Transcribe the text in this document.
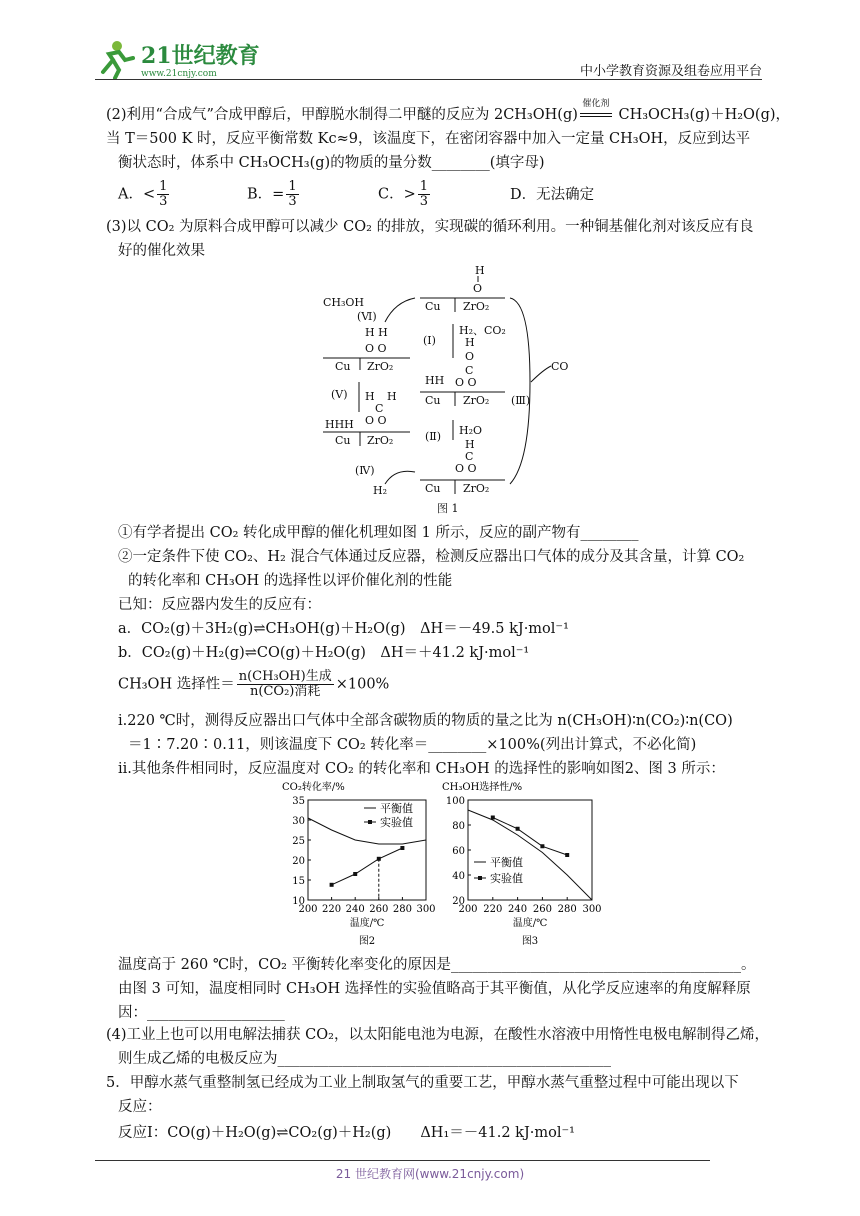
21世纪教育
www.21cnjy.com	中小学教育资源及组卷应用平台
(2)利用“合成气”合成甲醇后，甲醇脱水制得二甲醚的反应为 2CH₃OH(g)
催化剂
CH₃OCH₃(g)＋H₂O(g)，
当 T＝500 K 时，反应平衡常数 Kc≈9，该温度下，在密闭容器中加入一定量 CH₃OH，反应到达平
衡状态时，体系中 CH₃OCH₃(g)的物质的量分数________(填字母)
A．< $\frac{1}{3}$	B．= $\frac{1}{3}$	C．> $\frac{1}{3}$	D．无法确定
(3)以 CO₂ 为原料合成甲醇可以减少 CO₂ 的排放，实现碳的循环利用。一种铜基催化剂对该反应有良
好的催化效果
H
O
Cu ZrO₂
CH₃OH
(Ⅵ)
H H
O O
Cu ZrO₂
(Ⅰ)
H₂、CO₂
H
O
C
O O
HH
Cu ZrO₂ (Ⅲ)
CO
(Ⅴ) H H
C
O O
HHH
Cu ZrO₂	(Ⅱ) H₂O
H
C
O O
Cu ZrO₂
(Ⅳ)
H₂
图 1
①有学者提出 CO₂ 转化成甲醇的催化机理如图 1 所示，反应的副产物有________
②一定条件下使 CO₂、H₂ 混合气体通过反应器，检测反应器出口气体的成分及其含量，计算 CO₂
的转化率和 CH₃OH 的选择性以评价催化剂的性能
已知：反应器内发生的反应有：
a．CO₂(g)＋3H₂(g)⇌CH₃OH(g)＋H₂O(g)　ΔH＝－49.5 kJ·mol⁻¹
b．CO₂(g)＋H₂(g)⇌CO(g)＋H₂O(g)　ΔH＝＋41.2 kJ·mol⁻¹
CH₃OH 选择性＝ $\frac{\text{n(CH₃OH)生成}}{\text{n(CO₂)消耗}} \times 100\%$
ⅰ.220 ℃时，测得反应器出口气体中全部含碳物质的物质的量之比为 n(CH₃OH)∶n(CO₂)∶n(CO)
＝1∶7.20∶0.11，则该温度下 CO₂ 转化率＝________×100%(列出计算式，不必化简)
ⅱ.其他条件相同时，反应温度对 CO₂ 的转化率和 CH₃OH 的选择性的影响如图2、图 3 所示：
CO₂转化率/%
200 220 240 260 280 300
10
15
20
25
30
35
温度/℃
图2
平衡值
实验值
CH₃OH选择性/%
200 220 240 260 280 300
20
40
60
80
100
温度/℃
图3
平衡值
实验值
温度高于 260 ℃时，CO₂ 平衡转化率变化的原因是________________________________________。
由图 3 可知，温度相同时 CH₃OH 选择性的实验值略高于其平衡值，从化学反应速率的角度解释原
因：___________________
(4)工业上也可以用电解法捕获 CO₂，以太阳能电池为电源，在酸性水溶液中用惰性电极电解制得乙烯，
则生成乙烯的电极反应为______________________________________________
5．甲醇水蒸气重整制氢已经成为工业上制取氢气的重要工艺，甲醇水蒸气重整过程中可能出现以下
反应：
反应Ⅰ：CO(g)＋H₂O(g)⇌CO₂(g)＋H₂(g)　　ΔH₁＝－41.2 kJ·mol⁻¹
21 世纪教育网(www.21cnjy.com)
